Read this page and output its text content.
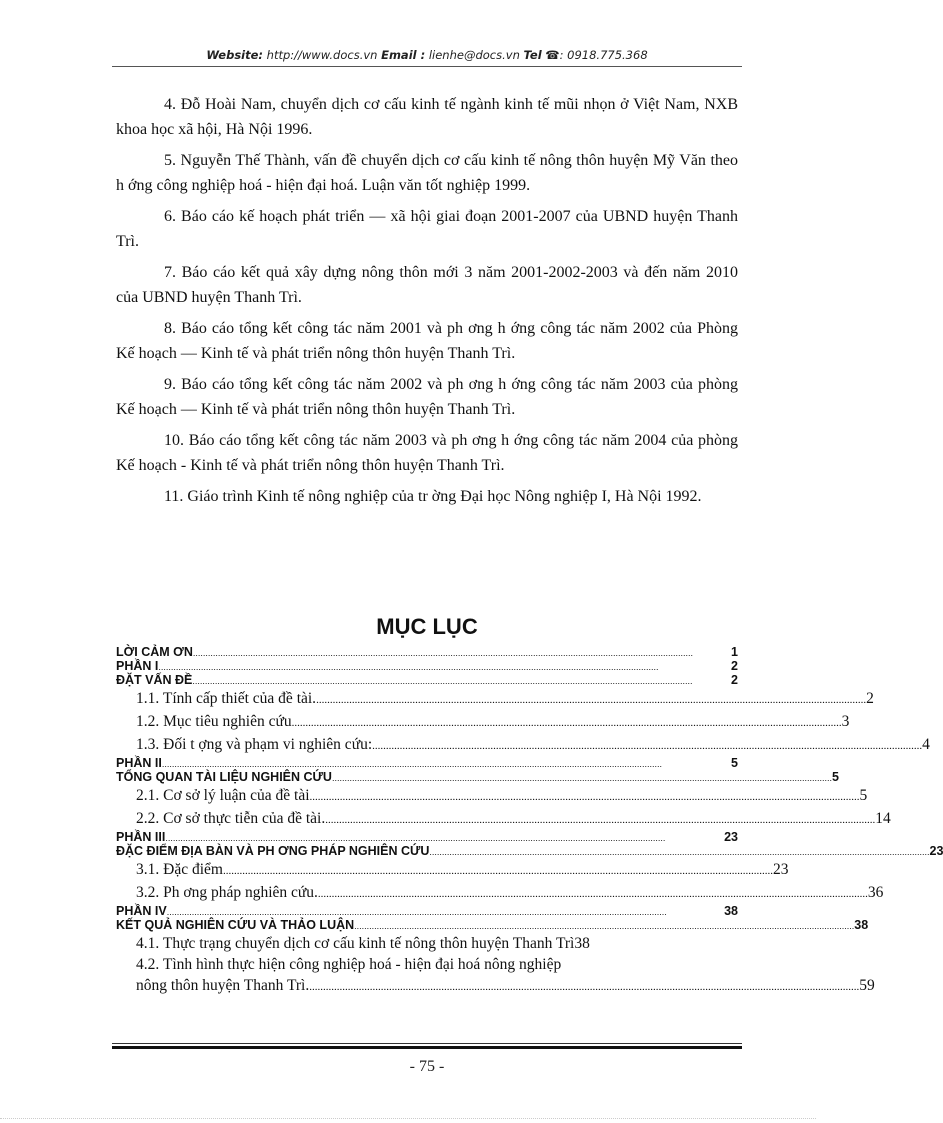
Website: http://www.docs.vn Email : lienhe@docs.vn Tel ☎: 0918.775.368

4. Đỗ Hoài Nam, chuyển dịch cơ cấu kinh tế ngành kinh tế mũi nhọn ở Việt Nam, NXB khoa học xã hội, Hà Nội 1996.

5. Nguyễn Thế Thành, vấn đề chuyển dịch cơ cấu kinh tế nông thôn huyện Mỹ Văn theo h ớng công nghiệp hoá - hiện đại hoá. Luận văn tốt nghiệp 1999.

6. Báo cáo kế hoạch phát triển — xã hội giai đoạn 2001-2007 của UBND huyện Thanh Trì.

7. Báo cáo kết quả xây dựng nông thôn mới 3 năm 2001-2002-2003 và đến năm 2010 của UBND huyện Thanh Trì.

8. Báo cáo tổng kết công tác năm 2001 và ph ơng h ớng công tác năm 2002 của Phòng Kế hoạch — Kinh tế và phát triển nông thôn huyện Thanh Trì.

9. Báo cáo tổng kết công tác năm 2002 và ph ơng h ớng công tác năm 2003 của phòng Kế hoạch — Kinh tế và phát triển nông thôn huyện Thanh Trì.

10. Báo cáo tổng kết công tác năm 2003 và ph ơng h ớng công tác năm 2004 của phòng Kế hoạch - Kinh tế và phát triển nông thôn huyện Thanh Trì.

11. Giáo trình Kinh tế nông nghiệp của tr ờng Đại học Nông nghiệp I, Hà Nội 1992.

MỤC LỤC
LỜI CẢM ƠN ........................................................................................................................................................................................................	1
PHẦN I ........................................................................................................................................................................................................	2
ĐẶT VẤN ĐỀ ........................................................................................................................................................................................................	2
1.1. Tính cấp thiết của đề tài. ........................................................................................................................................................................................................ 2
1.2. Mục tiêu nghiên cứu ........................................................................................................................................................................................................ 3
1.3. Đối t ợng và phạm vi nghiên cứu: ........................................................................................................................................................................................................ 4
PHẦN II ........................................................................................................................................................................................................	5
TỔNG QUAN TÀI LIỆU NGHIÊN CỨU ........................................................................................................................................................................................................ 5
2.1. Cơ sở lý luận của đề tài ........................................................................................................................................................................................................ 5
2.2. Cơ sở thực tiễn của đề tài. ........................................................................................................................................................................................................ 14
PHẦN III ........................................................................................................................................................................................................	23
ĐẶC ĐIỂM ĐỊA BÀN VÀ PH ƠNG PHÁP NGHIÊN CỨU ........................................................................................................................................................................................................ 23
3.1. Đặc điểm ........................................................................................................................................................................................................ 23
3.2. Ph ơng pháp nghiên cứu. ........................................................................................................................................................................................................ 36
PHẦN IV ........................................................................................................................................................................................................	38
KẾT QUẢ NGHIÊN CỨU VÀ THẢO LUẬN ........................................................................................................................................................................................................ 38
4.1. Thực trạng chuyển dịch cơ cấu kinh tế nông thôn huyện Thanh Trì 38
4.2. Tình hình thực hiện công nghiệp hoá - hiện đại hoá nông nghiệp
nông thôn huyện Thanh Trì. ........................................................................................................................................................................................................ 59
- 75 -
